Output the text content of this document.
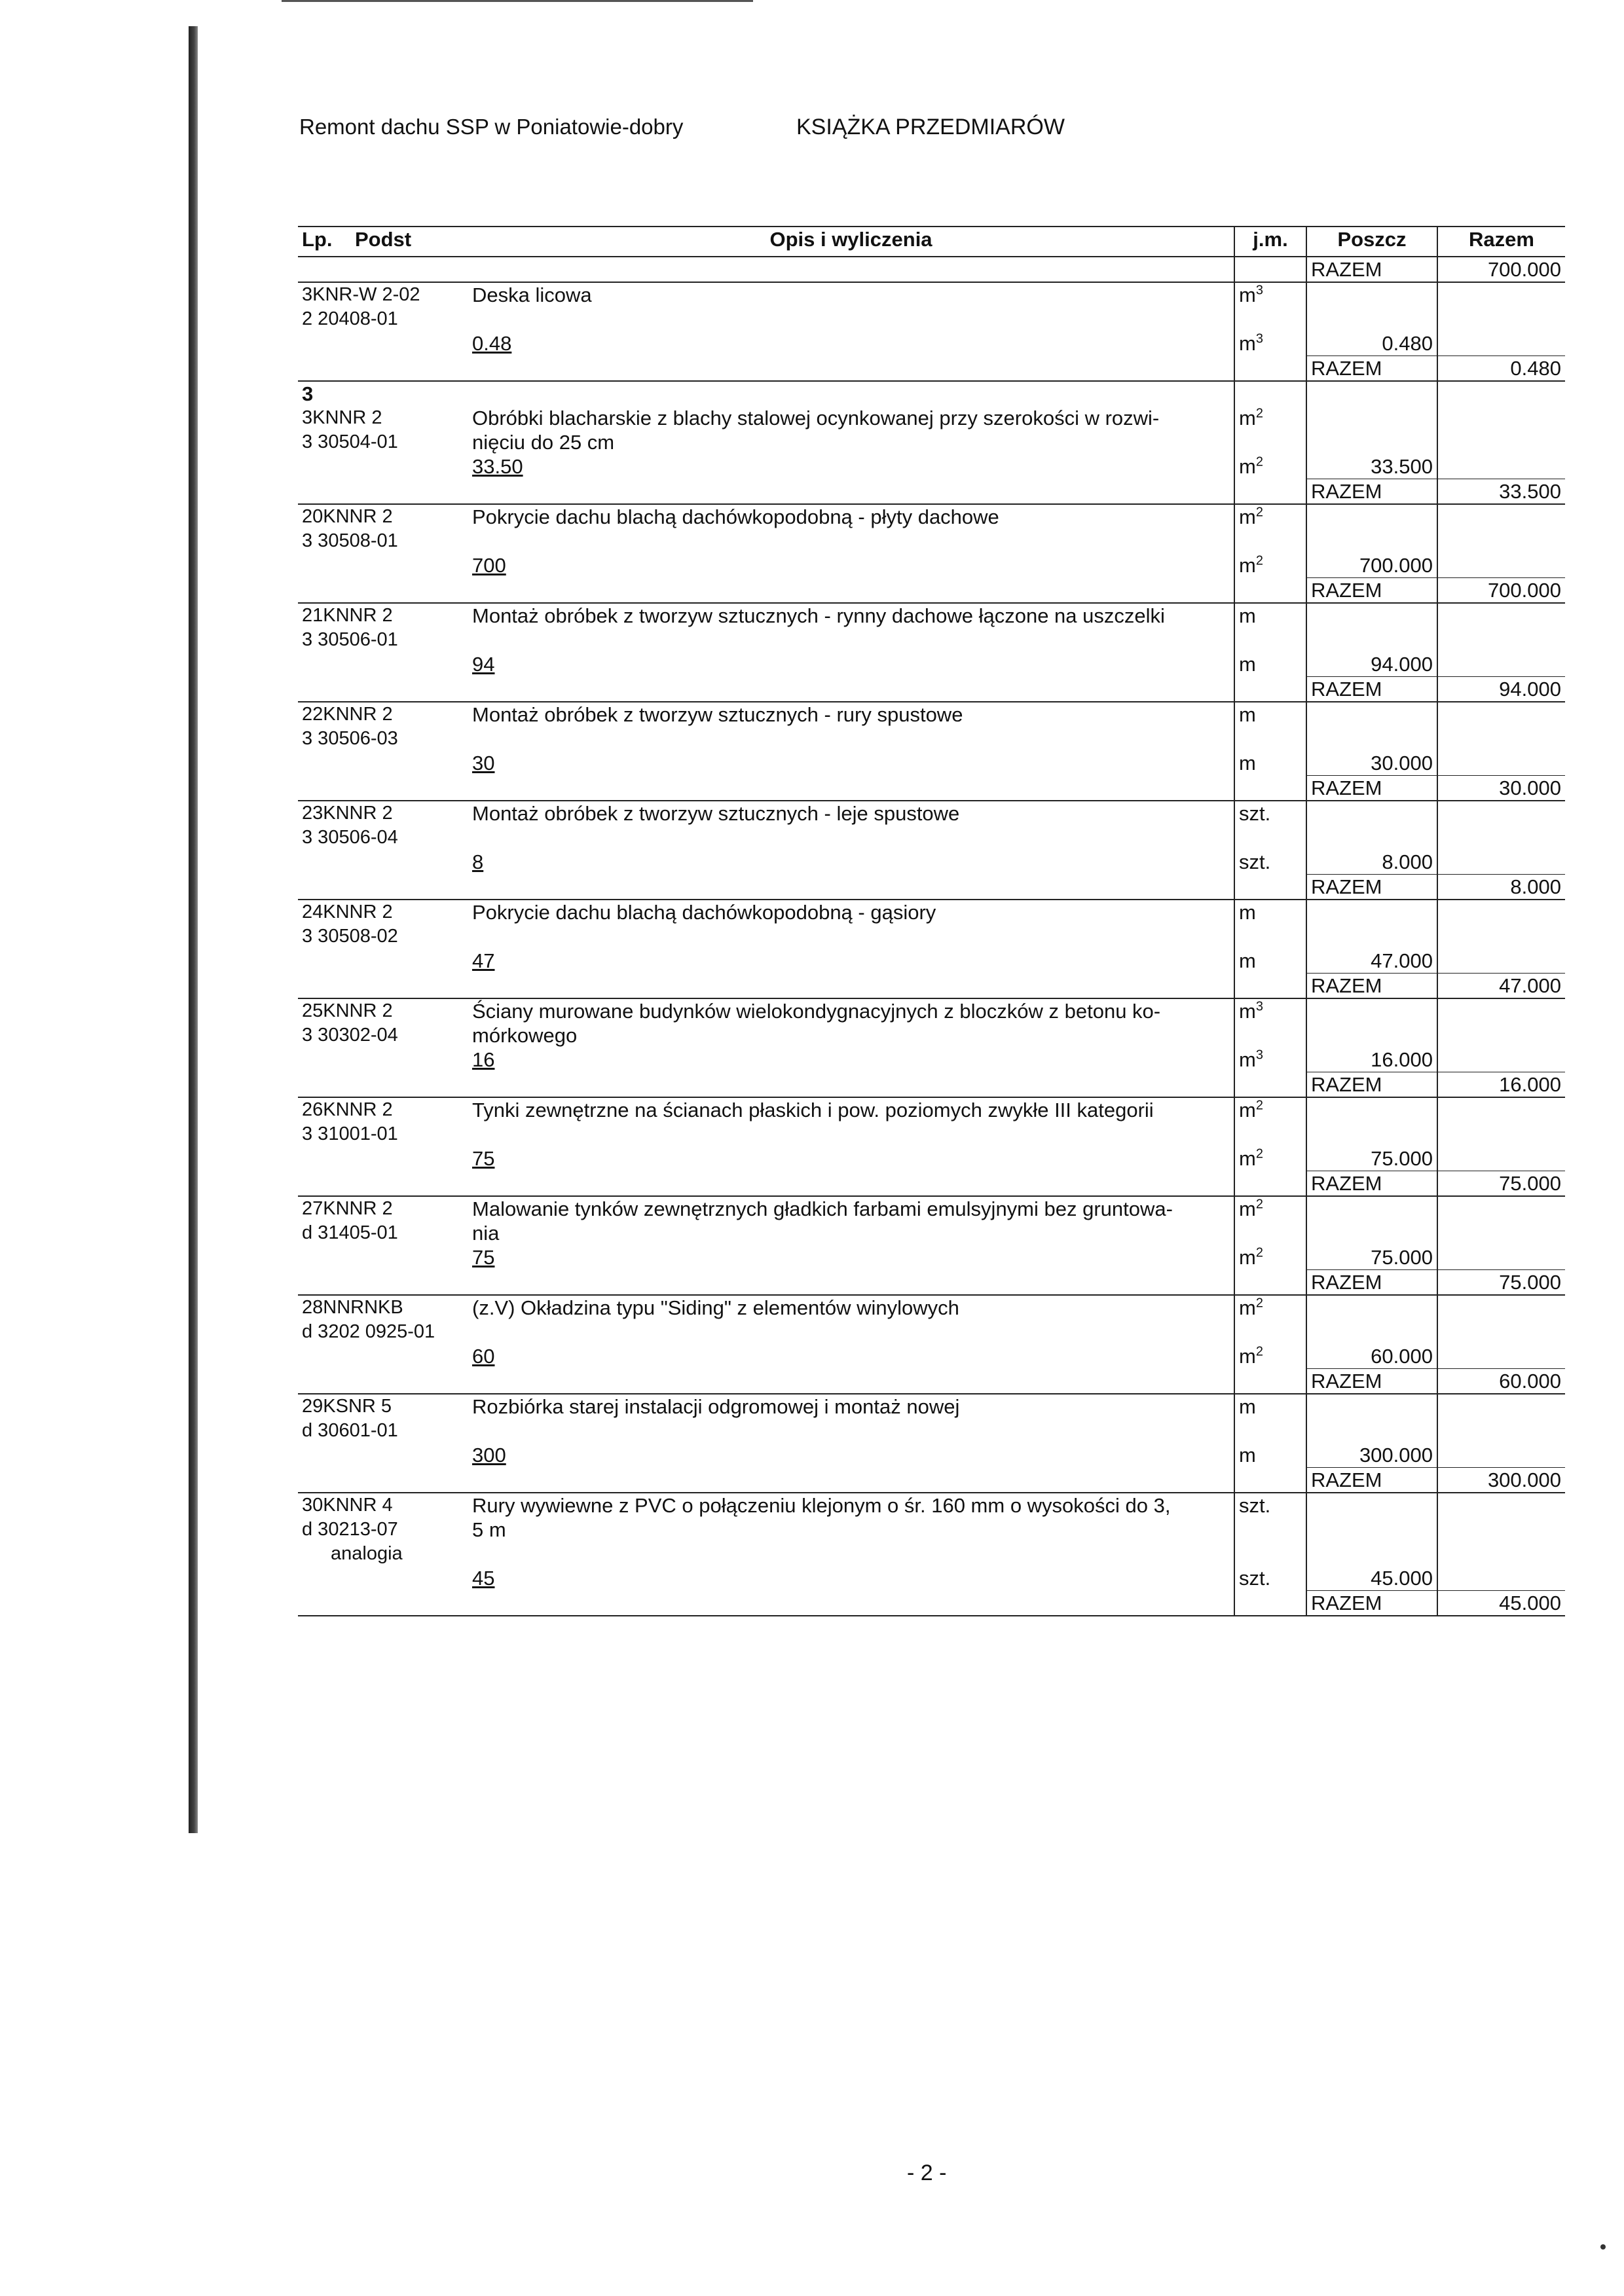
Remont dachu SSP w Poniatowie-dobry	KSIĄŻKA PRZEDMIARÓW
Lp. Podst	Opis i wyliczenia	j.m.	Poszcz	Razem
			RAZEM	700.000
3KNR-W 2-02	Deska licowa	$m^3$		
2 20408-01				
	0.48	$m^3$	0.480	
			RAZEM	0.480
3				
3KNNR 2	Obróbki blacharskie z blachy stalowej ocynkowanej przy szerokości w rozwi-	$m^2$		
3 30504-01	nięciu do 25 cm			
	33.50	$m^2$	33.500	
			RAZEM	33.500
20KNNR 2	Pokrycie dachu blachą dachówkopodobną - płyty dachowe	$m^2$		
3 30508-01				
	700	$m^2$	700.000	
			RAZEM	700.000
21KNNR 2	Montaż obróbek z tworzyw sztucznych - rynny dachowe łączone na uszczelki	m		
3 30506-01				
	94	m	94.000	
			RAZEM	94.000
22KNNR 2	Montaż obróbek z tworzyw sztucznych - rury spustowe	m		
3 30506-03				
	30	m	30.000	
			RAZEM	30.000
23KNNR 2	Montaż obróbek z tworzyw sztucznych - leje spustowe	szt.		
3 30506-04				
	8	szt.	8.000	
			RAZEM	8.000
24KNNR 2	Pokrycie dachu blachą dachówkopodobną - gąsiory	m		
3 30508-02				
	47	m	47.000	
			RAZEM	47.000
25KNNR 2	Ściany murowane budynków wielokondygnacyjnych z bloczków z betonu ko-	$m^3$		
3 30302-04	mórkowego			
	16	$m^3$	16.000	
			RAZEM	16.000
26KNNR 2	Tynki zewnętrzne na ścianach płaskich i pow. poziomych zwykłe III kategorii	$m^2$		
3 31001-01				
	75	$m^2$	75.000	
			RAZEM	75.000
27KNNR 2	Malowanie tynków zewnętrznych gładkich farbami emulsyjnymi bez gruntowa-	$m^2$		
d 31405-01	nia			
	75	$m^2$	75.000	
			RAZEM	75.000
28NNRNKB	(z.V) Okładzina typu "Siding" z elementów winylowych	$m^2$		
d 3202 0925-01				
	60	$m^2$	60.000	
			RAZEM	60.000
29KSNR 5	Rozbiórka starej instalacji odgromowej i montaż nowej	m		
d 30601-01				
	300	m	300.000	
			RAZEM	300.000
30KNNR 4	Rury wywiewne z PVC o połączeniu klejonym o śr. 160 mm o wysokości do 3,	szt.		
d 30213-07	5 m			
analogia				
	45	szt.	45.000	
			RAZEM	45.000
- 2 -
